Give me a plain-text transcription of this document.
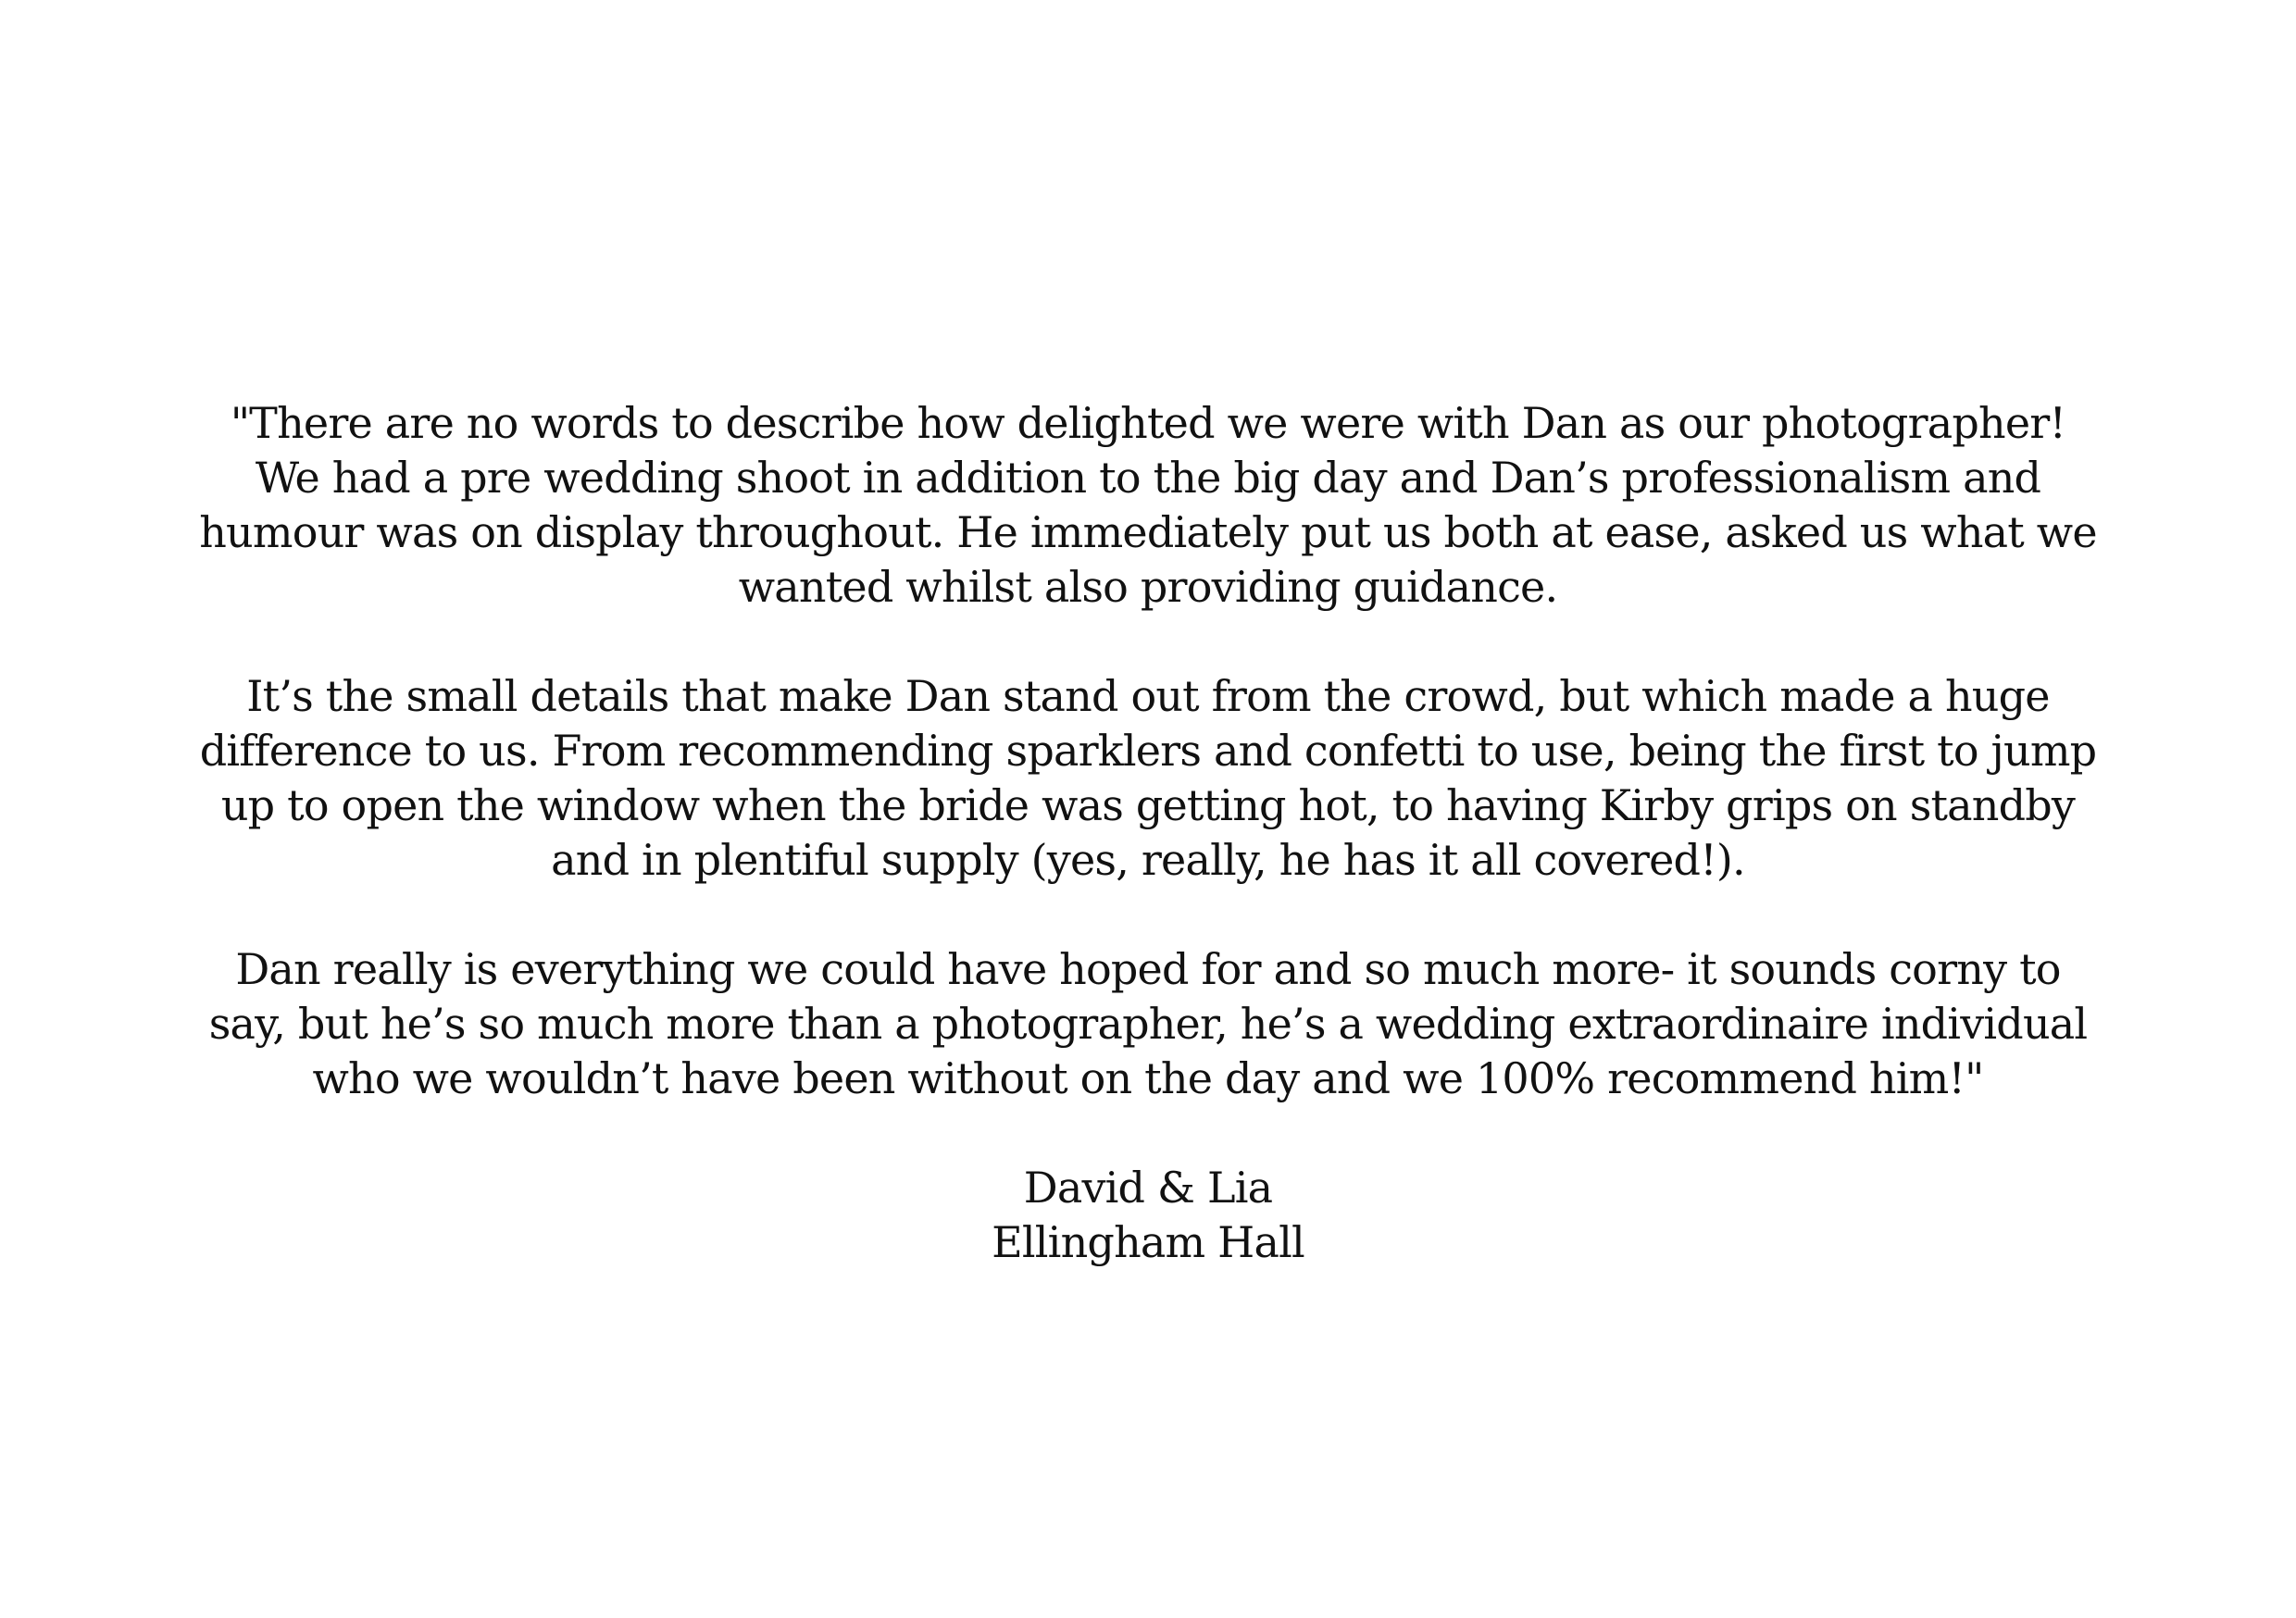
"There are no words to describe how delighted we were with Dan as our photographer!
We had a pre wedding shoot in addition to the big day and Dan’s professionalism and
humour was on display throughout. He immediately put us both at ease, asked us what we
wanted whilst also providing guidance.
It’s the small details that make Dan stand out from the crowd, but which made a huge
difference to us. From recommending sparklers and confetti to use, being the first to jump
up to open the window when the bride was getting hot, to having Kirby grips on standby
and in plentiful supply (yes, really, he has it all covered!).
Dan really is everything we could have hoped for and so much more- it sounds corny to
say, but he’s so much more than a photographer, he’s a wedding extraordinaire individual
who we wouldn’t have been without on the day and we 100% recommend him!"
David & Lia
Ellingham Hall
